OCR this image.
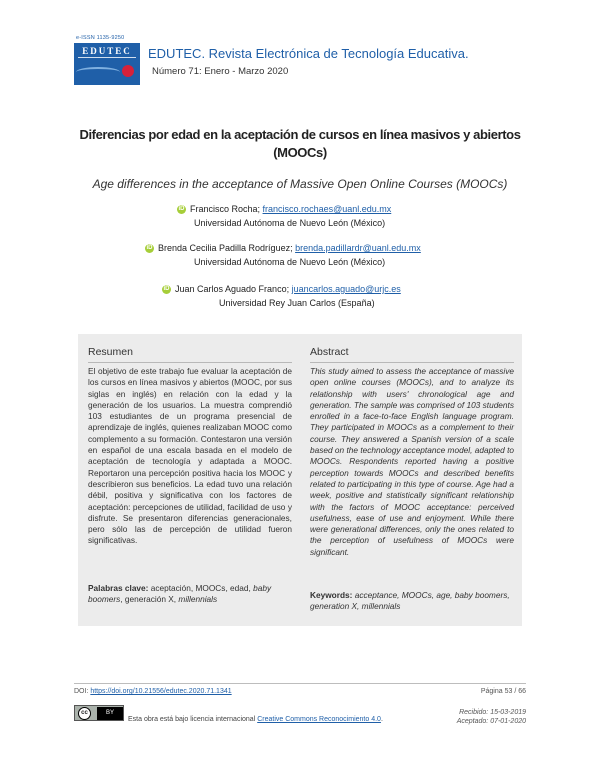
e-ISSN 1135-9250
EDUTEC	EDUTEC. Revista Electrónica de Tecnología Educativa.
Número 71: Enero - Marzo 2020
Diferencias por edad en la aceptación de cursos en línea masivos y abiertos (MOOCs)
Age differences in the acceptance of Massive Open Online Courses (MOOCs)
iD Francisco Rocha; francisco.rochaes@uanl.edu.mx
Universidad Autónoma de Nuevo León (México)
iD Brenda Cecilia Padilla Rodríguez; brenda.padillardr@uanl.edu.mx
Universidad Autónoma de Nuevo León (México)
iD Juan Carlos Aguado Franco; juancarlos.aguado@urjc.es
Universidad Rey Juan Carlos (España)
Resumen
El objetivo de este trabajo fue evaluar la aceptación de los cursos en línea masivos y abiertos (MOOC, por sus siglas en inglés) en relación con la edad y la generación de los usuarios. La muestra comprendió 103 estudiantes de un programa presencial de aprendizaje de inglés, quienes realizaban MOOC como complemento a su formación. Contestaron una versión en español de una escala basada en el modelo de aceptación de tecnología y adaptada a MOOC. Reportaron una percepción positiva hacia los MOOC y describieron sus beneficios. La edad tuvo una relación débil, positiva y significativa con los factores de aceptación: percepciones de utilidad, facilidad de uso y disfrute. Se presentaron diferencias generacionales, pero sólo las de percepción de utilidad fueron significativas.
Palabras clave: aceptación, MOOCs, edad, baby boomers, generación X, millennials
Abstract
This study aimed to assess the acceptance of massive open online courses (MOOCs), and to analyze its relationship with users' chronological age and generation. The sample was comprised of 103 students enrolled in a face-to-face English language program. They participated in MOOCs as a complement to their course. They answered a Spanish version of a scale based on the technology acceptance model, adapted to MOOCs. Respondents reported having a positive perception towards MOOCs and described benefits related to participating in this type of course. Age had a week, positive and statistically significant relationship with the factors of MOOC acceptance: perceived usefulness, ease of use and enjoyment. While there were generational differences, only the ones related to the perception of usefulness of MOOCs were significant.
Keywords: acceptance, MOOCs, age, baby boomers, generation X, millennials
DOI: https://doi.org/10.21556/edutec.2020.71.1341	Página 53 / 66
cc	BY
Esta obra está bajo licencia internacional Creative Commons Reconocimiento 4.0.
Recibido: 15-03-2019
Aceptado: 07-01-2020
